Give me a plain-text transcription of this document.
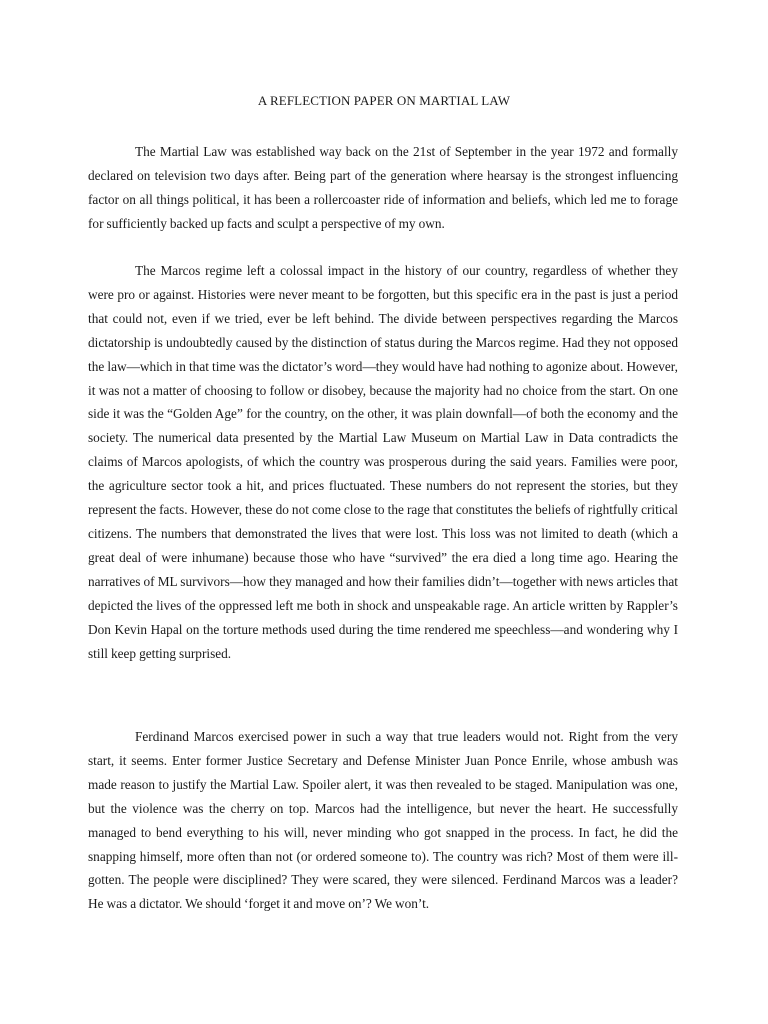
A REFLECTION PAPER ON MARTIAL LAW

The Martial Law was established way back on the 21st of September in the year 1972 and formally declared on television two days after. Being part of the generation where hearsay is the strongest influencing factor on all things political, it has been a rollercoaster ride of information and beliefs, which led me to forage for sufficiently backed up facts and sculpt a perspective of my own.

The Marcos regime left a colossal impact in the history of our country, regardless of whether they were pro or against. Histories were never meant to be forgotten, but this specific era in the past is just a period that could not, even if we tried, ever be left behind. The divide between perspectives regarding the Marcos dictatorship is undoubtedly caused by the distinction of status during the Marcos regime. Had they not opposed the law—which in that time was the dictator’s word—they would have had nothing to agonize about. However, it was not a matter of choosing to follow or disobey, because the majority had no choice from the start. On one side it was the “Golden Age” for the country, on the other, it was plain downfall—of both the economy and the society. The numerical data presented by the Martial Law Museum on Martial Law in Data contradicts the claims of Marcos apologists, of which the country was prosperous during the said years. Families were poor, the agriculture sector took a hit, and prices fluctuated. These numbers do not represent the stories, but they represent the facts. However, these do not come close to the rage that constitutes the beliefs of rightfully critical citizens. The numbers that demonstrated the lives that were lost. This loss was not limited to death (which a great deal of were inhumane) because those who have “survived” the era died a long time ago. Hearing the narratives of ML survivors—how they managed and how their families didn’t—together with news articles that depicted the lives of the oppressed left me both in shock and unspeakable rage. An article written by Rappler’s Don Kevin Hapal on the torture methods used during the time rendered me speechless—and wondering why I still keep getting surprised.

Ferdinand Marcos exercised power in such a way that true leaders would not. Right from the very start, it seems. Enter former Justice Secretary and Defense Minister Juan Ponce Enrile, whose ambush was made reason to justify the Martial Law. Spoiler alert, it was then revealed to be staged. Manipulation was one, but the violence was the cherry on top. Marcos had the intelligence, but never the heart. He successfully managed to bend everything to his will, never minding who got snapped in the process. In fact, he did the snapping himself, more often than not (or ordered someone to). The country was rich? Most of them were ill-gotten. The people were disciplined? They were scared, they were silenced. Ferdinand Marcos was a leader? He was a dictator. We should ‘forget it and move on’? We won’t.
